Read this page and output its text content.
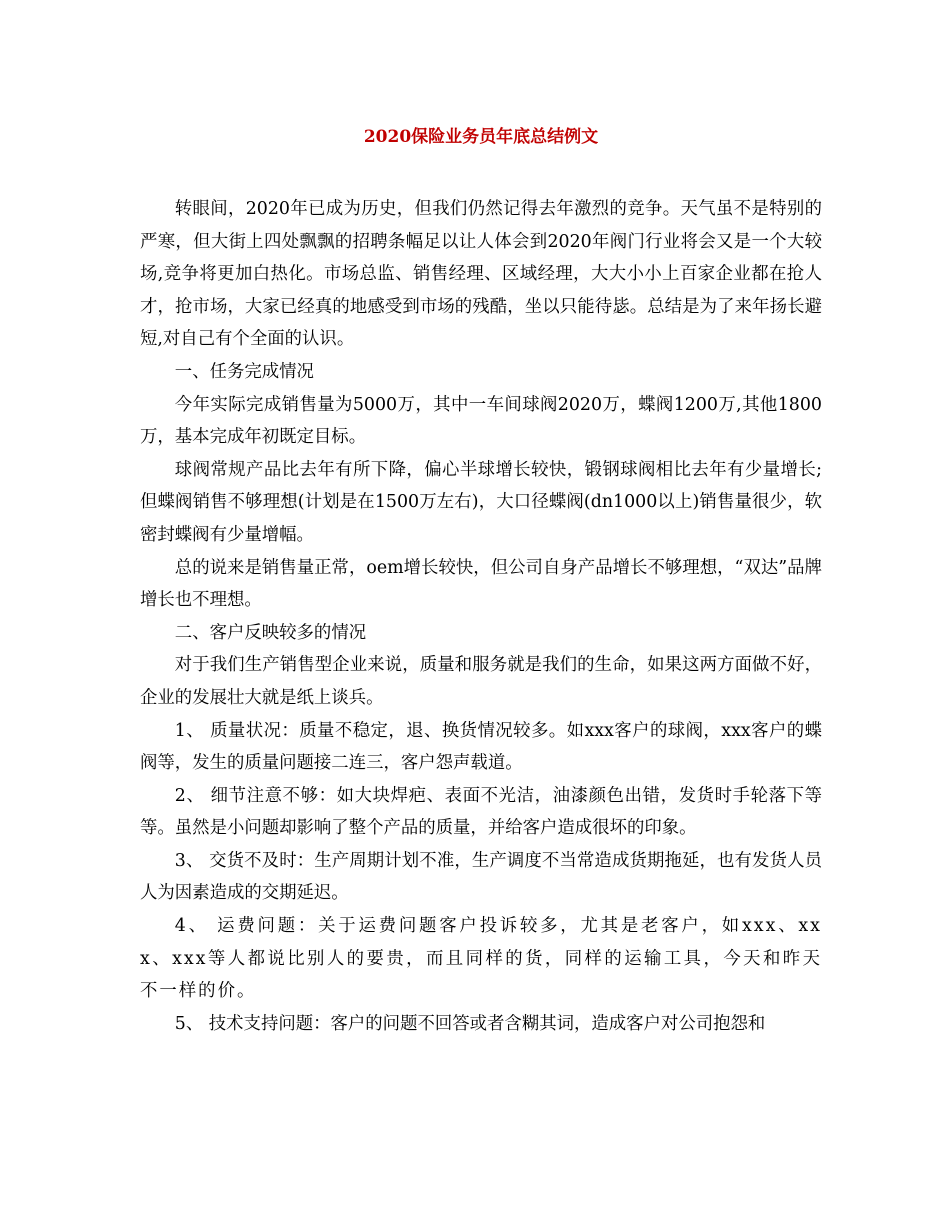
2020保险业务员年底总结例文

转眼间，2020年已成为历史，但我们仍然记得去年激烈的竞争。天气虽不是特别的严寒，但大街上四处飘飘的招聘条幅足以让人体会到2020年阀门行业将会又是一个大较场,竞争将更加白热化。市场总监、销售经理、区域经理，大大小小上百家企业都在抢人才，抢市场，大家已经真的地感受到市场的残酷，坐以只能待毖。总结是为了来年扬长避短,对自己有个全面的认识。

一、任务完成情况

今年实际完成销售量为5000万，其中一车间球阀2020万，蝶阀1200万,其他1800万，基本完成年初既定目标。

球阀常规产品比去年有所下降，偏心半球增长较快，锻钢球阀相比去年有少量增长;但蝶阀销售不够理想(计划是在1500万左右)，大口径蝶阀(dn1000以上)销售量很少，软密封蝶阀有少量增幅。

总的说来是销售量正常，oem增长较快，但公司自身产品增长不够理想，“双达”品牌增长也不理想。

二、客户反映较多的情况

对于我们生产销售型企业来说，质量和服务就是我们的生命，如果这两方面做不好，企业的发展壮大就是纸上谈兵。

1、 质量状况：质量不稳定，退、换货情况较多。如xxx客户的球阀，xxx客户的蝶阀等，发生的质量问题接二连三，客户怨声载道。

2、 细节注意不够：如大块焊疤、表面不光洁，油漆颜色出错，发货时手轮落下等等。虽然是小问题却影响了整个产品的质量，并给客户造成很坏的印象。

3、 交货不及时：生产周期计划不准，生产调度不当常造成货期拖延，也有发货人员人为因素造成的交期延迟。

4、 运费问题：关于运费问题客户投诉较多，尤其是老客户，如xxx、xxx、xxx等人都说比别人的要贵，而且同样的货，同样的运输工具，今天和昨天不一样的价。

5、 技术支持问题：客户的问题不回答或者含糊其词，造成客户对公司抱怨和
